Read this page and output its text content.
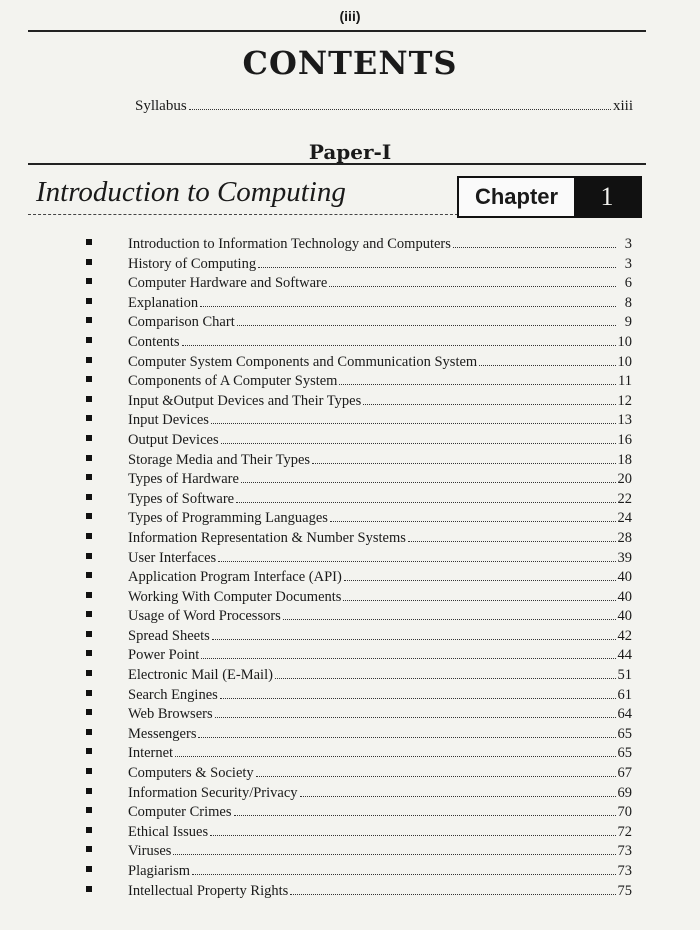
(iii)
CONTENTS
Syllabus	xiii
Paper-I
Introduction to Computing	Chapter	1
Introduction to Information Technology and Computers	3
History of Computing	3
Computer Hardware and Software	6
Explanation	8
Comparison Chart	9
Contents	10
Computer System Components and Communication System	10
Components of A Computer System	11
Input &Output Devices and Their Types	12
Input Devices	13
Output Devices	16
Storage Media and Their Types	18
Types of Hardware	20
Types of Software	22
Types of Programming Languages	24
Information Representation & Number Systems	28
User Interfaces	39
Application Program Interface (API)	40
Working With Computer Documents	40
Usage of Word Processors	40
Spread Sheets	42
Power Point	44
Electronic Mail (E-Mail)	51
Search Engines	61
Web Browsers	64
Messengers	65
Internet	65
Computers & Society	67
Information Security/Privacy	69
Computer Crimes	70
Ethical Issues	72
Viruses	73
Plagiarism	73
Intellectual Property Rights	75
